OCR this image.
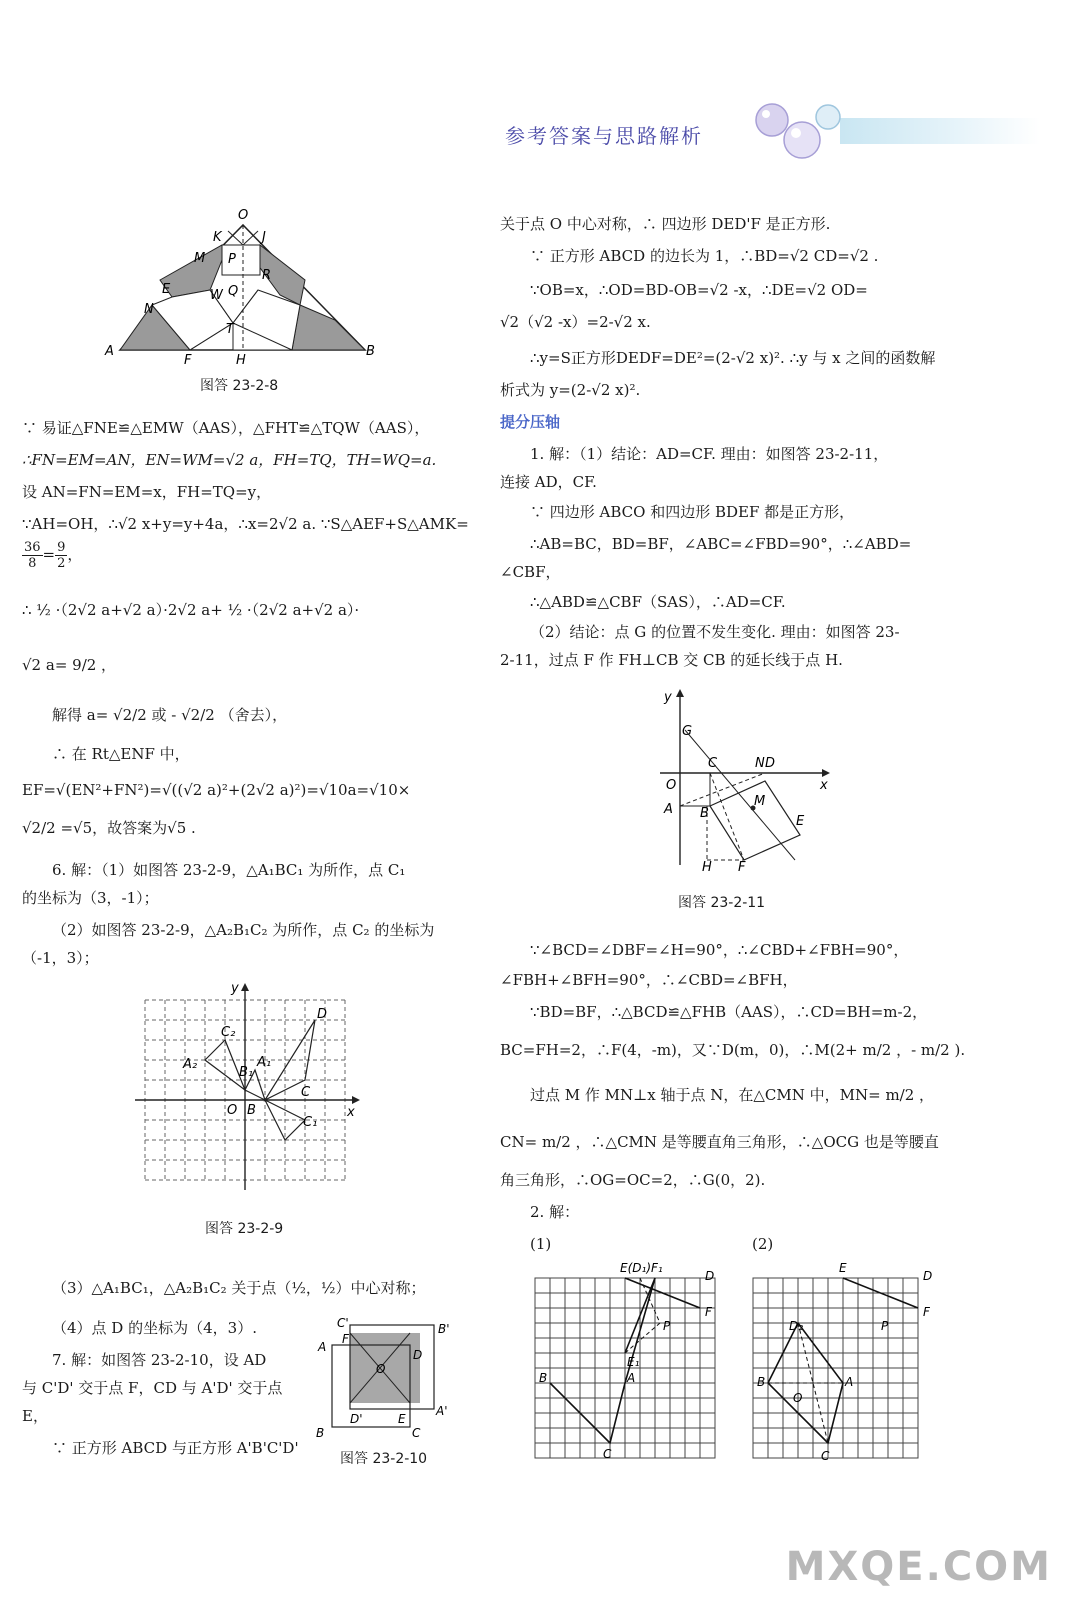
参考答案与思路解析
O
K	J
M P
R
E	W Q
N
T
A
F	H
B
图答 23-2-8
∵ 易证△FNE≌△EMW（AAS），△FHT≌△TQW（AAS），
∴FN=EM=AN，EN=WM=√2 a，FH=TQ，TH=WQ=a.
设 AN=FN=EM=x，FH=TQ=y，
∵AH=OH，∴√2 x+y=y+4a，∴x=2√2 a. ∵S△AEF+S△AMK=
$\frac{36}{8} = \frac{9}{2}$ ，
∴ ½ ·（2√2 a+√2 a）·2√2 a+ ½ ·（2√2 a+√2 a）·
√2 a= 9/2 ，
解得 a= √2/2 或 - √2/2 （舍去），
∴ 在 Rt△ENF 中，
EF=√(EN²+FN²)=√((√2 a)²+(2√2 a)²)=√10a=√10×
√2/2 =√5，故答案为√5 .
6. 解：（1）如图答 23-2-9，△A₁BC₁ 为所作，点 C₁
的坐标为（3，-1）；
（2）如图答 23-2-9，△A₂B₁C₂ 为所作，点 C₂ 的坐标为
（-1，3）；
y
x
O B
C₂
D
A₂
B₁
A₁
C
C₁
图答 23-2-9
（3）△A₁BC₁，△A₂B₁C₂ 关于点（½，½）中心对称；
（4）点 D 的坐标为（4，3）.
7. 解：如图答 23-2-10，设 AD
与 C'D' 交于点 F，CD 与 A'D' 交于点
E，
∵ 正方形 ABCD 与正方形 A'B'C'D'
C'
F
B'
A
O
D
D'	E
A'
B	C
图答 23-2-10
关于点 O 中心对称，∴ 四边形 DED'F 是正方形.
∵ 正方形 ABCD 的边长为 1，∴BD=√2 CD=√2 .
∵OB=x，∴OD=BD-OB=√2 -x，∴DE=√2 OD=
√2（√2 -x）=2-√2 x.
∴y=S正方形DEDF=DE²=(2-√2 x)². ∴y 与 x 之间的函数解
析式为 y=(2-√2 x)².
提分压轴
1. 解：（1）结论：AD=CF. 理由：如图答 23-2-11，
连接 AD，CF.
∵ 四边形 ABCO 和四边形 BDEF 都是正方形，
∴AB=BC，BD=BF，∠ABC=∠FBD=90°，∴∠ABD=
∠CBF，
∴△ABD≌△CBF（SAS），∴AD=CF.
（2）结论：点 G 的位置不发生变化. 理由：如图答 23-
2-11，过点 F 作 FH⊥CB 交 CB 的延长线于点 H.
y
G
C	N D
x
O
A B
M
E
H F
图答 23-2-11
∵∠BCD=∠DBF=∠H=90°，∴∠CBD+∠FBH=90°，
∠FBH+∠BFH=90°，∴∠CBD=∠BFH，
∵BD=BF，∴△BCD≌△FHB（AAS），∴CD=BH=m-2，
BC=FH=2，∴F(4，-m)，又∵D(m，0)，∴M(2+ m/2 ，- m/2 ).
过点 M 作 MN⊥x 轴于点 N，在△CMN 中，MN= m/2 ，
CN= m/2 ，∴△CMN 是等腰直角三角形，∴△OCG 也是等腰直
角三角形，∴OG=OC=2，∴G(0，2).
2. 解：
(1)	(2)
E(D₁)F₁
D
F
P
E₁
B	A
C
E
D
F
P
D₂
B
O
A
C
MXQE.COM
